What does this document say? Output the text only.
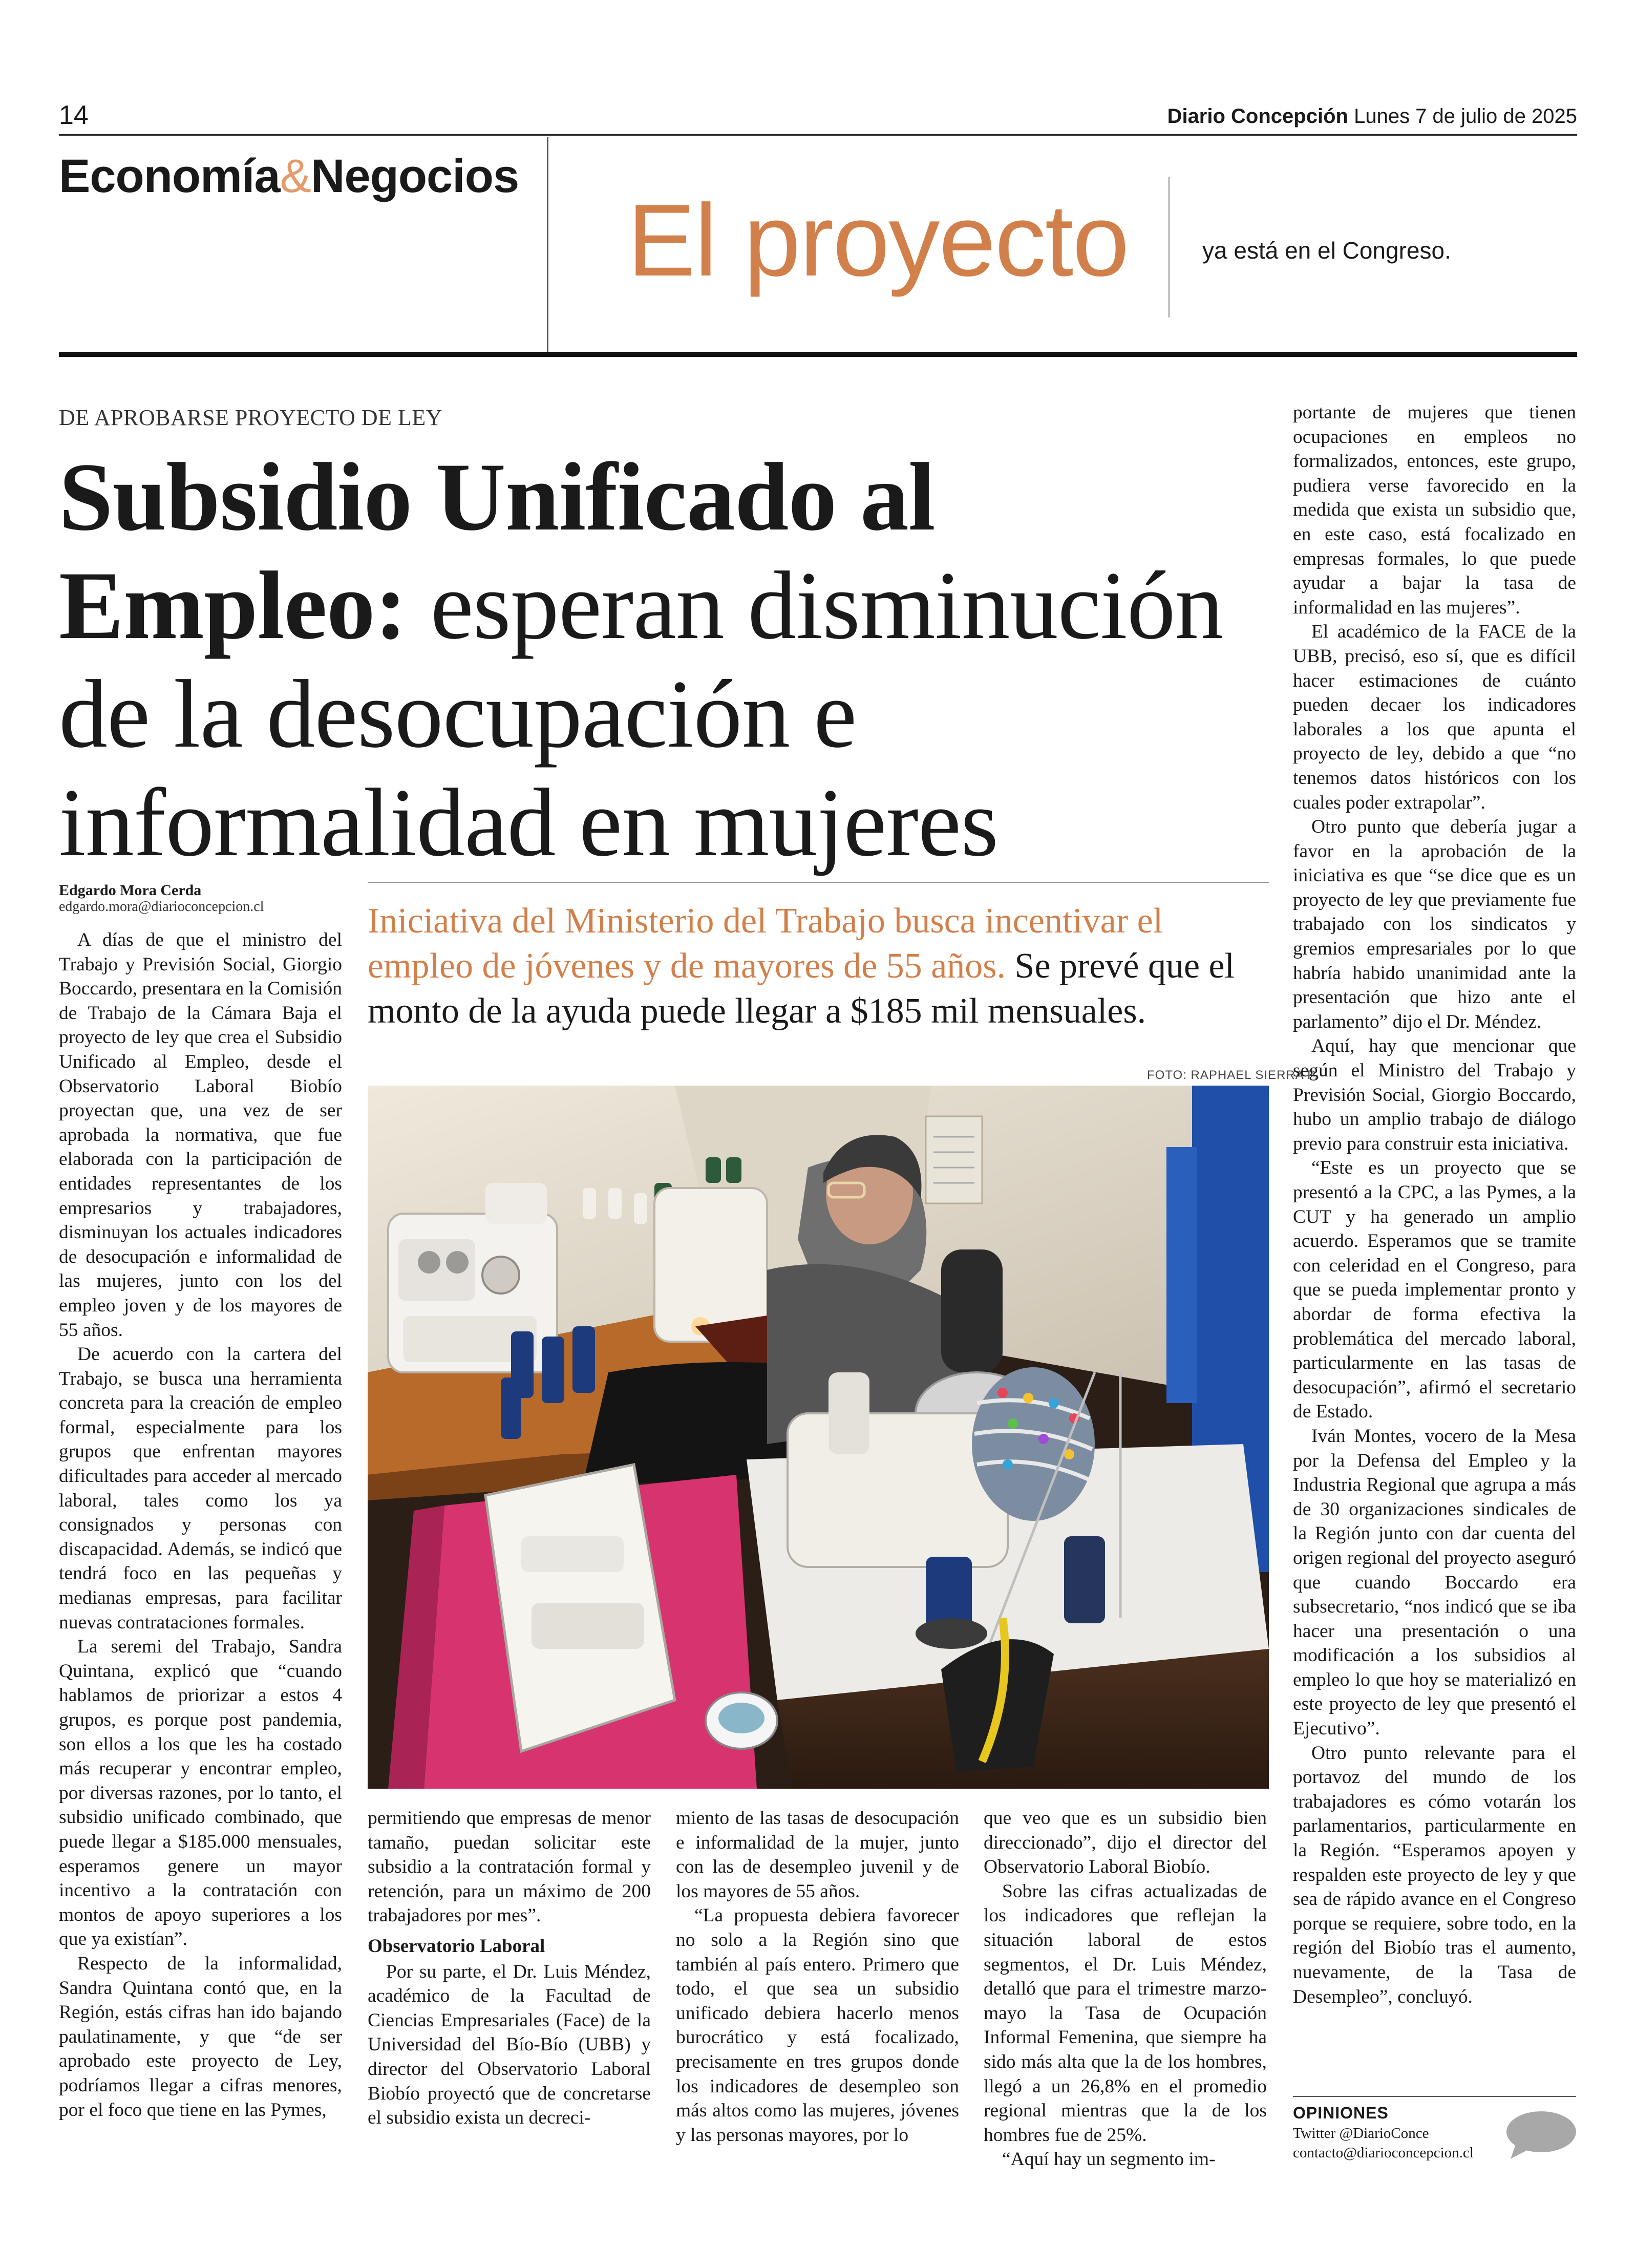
14	Diario Concepción Lunes 7 de julio de 2025
Economía&Negocios
El proyecto	ya está en el Congreso.
DE APROBARSE PROYECTO DE LEY
Subsidio Unificado al
Empleo: esperan disminución
de la desocupación e
informalidad en mujeres
Edgardo Mora Cerda
edgardo.mora@diarioconcepcion.cl	Iniciativa del Ministerio del Trabajo busca incentivar el empleo de jóvenes y de mayores de 55 años. Se prevé que el monto de la ayuda puede llegar a $185 mil mensuales.
FOTO: RAPHAEL SIERRA P.

A días de que el ministro del Trabajo y Previsión Social, Giorgio Boccardo, presentara en la Comisión de Trabajo de la Cámara Baja el proyecto de ley que crea el Subsidio Unificado al Empleo, desde el Observatorio Laboral Biobío proyectan que, una vez de ser aprobada la normativa, que fue elaborada con la participación de entidades representantes de los empresarios y trabajadores, disminuyan los actuales indicadores de desocupación e informalidad de las mujeres, junto con los del empleo joven y de los mayores de 55 años.

De acuerdo con la cartera del Trabajo, se busca una herramienta concreta para la creación de empleo formal, especialmente para los grupos que enfrentan mayores dificultades para acceder al mercado laboral, tales como los ya consignados y personas con discapacidad. Además, se indicó que tendrá foco en las pequeñas y medianas empresas, para facilitar nuevas contrataciones formales.

La seremi del Trabajo, Sandra Quintana, explicó que “cuando hablamos de priorizar a estos 4 grupos, es porque post pandemia, son ellos a los que les ha costado más recuperar y encontrar empleo, por diversas razones, por lo tanto, el subsidio unificado combinado, que puede llegar a $185.000 mensuales, esperamos genere un mayor incentivo a la contratación con montos de apoyo superiores a los que ya existían”.

Respecto de la informalidad, Sandra Quintana contó que, en la Región, estás cifras han ido bajando paulatinamente, y que “de ser aprobado este proyecto de Ley, podríamos llegar a cifras menores, por el foco que tiene en las Pymes,

permitiendo que empresas de menor tamaño, puedan solicitar este subsidio a la contratación formal y retención, para un máximo de 200 trabajadores por mes”.

Observatorio Laboral

Por su parte, el Dr. Luis Méndez, académico de la Facultad de Ciencias Empresariales (Face) de la Universidad del Bío-Bío (UBB) y director del Observatorio Laboral Biobío proyectó que de concretarse el subsidio exista un decreci-

miento de las tasas de desocupación e informalidad de la mujer, junto con las de desempleo juvenil y de los mayores de 55 años.

“La propuesta debiera favorecer no solo a la Región sino que también al país entero. Primero que todo, el que sea un subsidio unificado debiera hacerlo menos burocrático y está focalizado, precisamente en tres grupos donde los indicadores de desempleo son más altos como las mujeres, jóvenes y las personas mayores, por lo

que veo que es un subsidio bien direccionado”, dijo el director del Observatorio Laboral Biobío.

Sobre las cifras actualizadas de los indicadores que reflejan la situación laboral de estos segmentos, el Dr. Luis Méndez, detalló que para el trimestre marzo- mayo la Tasa de Ocupación Informal Femenina, que siempre ha sido más alta que la de los hombres, llegó a un 26,8% en el promedio regional mientras que la de los hombres fue de 25%.

“Aquí hay un segmento im-

portante de mujeres que tienen ocupaciones en empleos no formalizados, entonces, este grupo, pudiera verse favorecido en la medida que exista un subsidio que, en este caso, está focalizado en empresas formales, lo que puede ayudar a bajar la tasa de informalidad en las mujeres”.

El académico de la FACE de la UBB, precisó, eso sí, que es difícil hacer estimaciones de cuánto pueden decaer los indicadores laborales a los que apunta el proyecto de ley, debido a que “no tenemos datos históricos con los cuales poder extrapolar”.

Otro punto que debería jugar a favor en la aprobación de la iniciativa es que “se dice que es un proyecto de ley que previamente fue trabajado con los sindicatos y gremios empresariales por lo que habría habido unanimidad ante la presentación que hizo ante el parlamento” dijo el Dr. Méndez.

Aquí, hay que mencionar que según el Ministro del Trabajo y Previsión Social, Giorgio Boccardo, hubo un amplio trabajo de diálogo previo para construir esta iniciativa.

“Este es un proyecto que se presentó a la CPC, a las Pymes, a la CUT y ha generado un amplio acuerdo. Esperamos que se tramite con celeridad en el Congreso, para que se pueda implementar pronto y abordar de forma efectiva la problemática del mercado laboral, particularmente en las tasas de desocupación”, afirmó el secretario de Estado.

Iván Montes, vocero de la Mesa por la Defensa del Empleo y la Industria Regional que agrupa a más de 30 organizaciones sindicales de la Región junto con dar cuenta del origen regional del proyecto aseguró que cuando Boccardo era subsecretario, “nos indicó que se iba hacer una presentación o una modificación a los subsidios al empleo lo que hoy se materializó en este proyecto de ley que presentó el Ejecutivo”.

Otro punto relevante para el portavoz del mundo de los trabajadores es cómo votarán los parlamentarios, particularmente en la Región. “Esperamos apoyen y respalden este proyecto de ley y que sea de rápido avance en el Congreso porque se requiere, sobre todo, en la región del Biobío tras el aumento, nuevamente, de la Tasa de Desempleo”, concluyó.

OPINIONES
Twitter @DiarioConce
contacto@diarioconcepcion.cl
